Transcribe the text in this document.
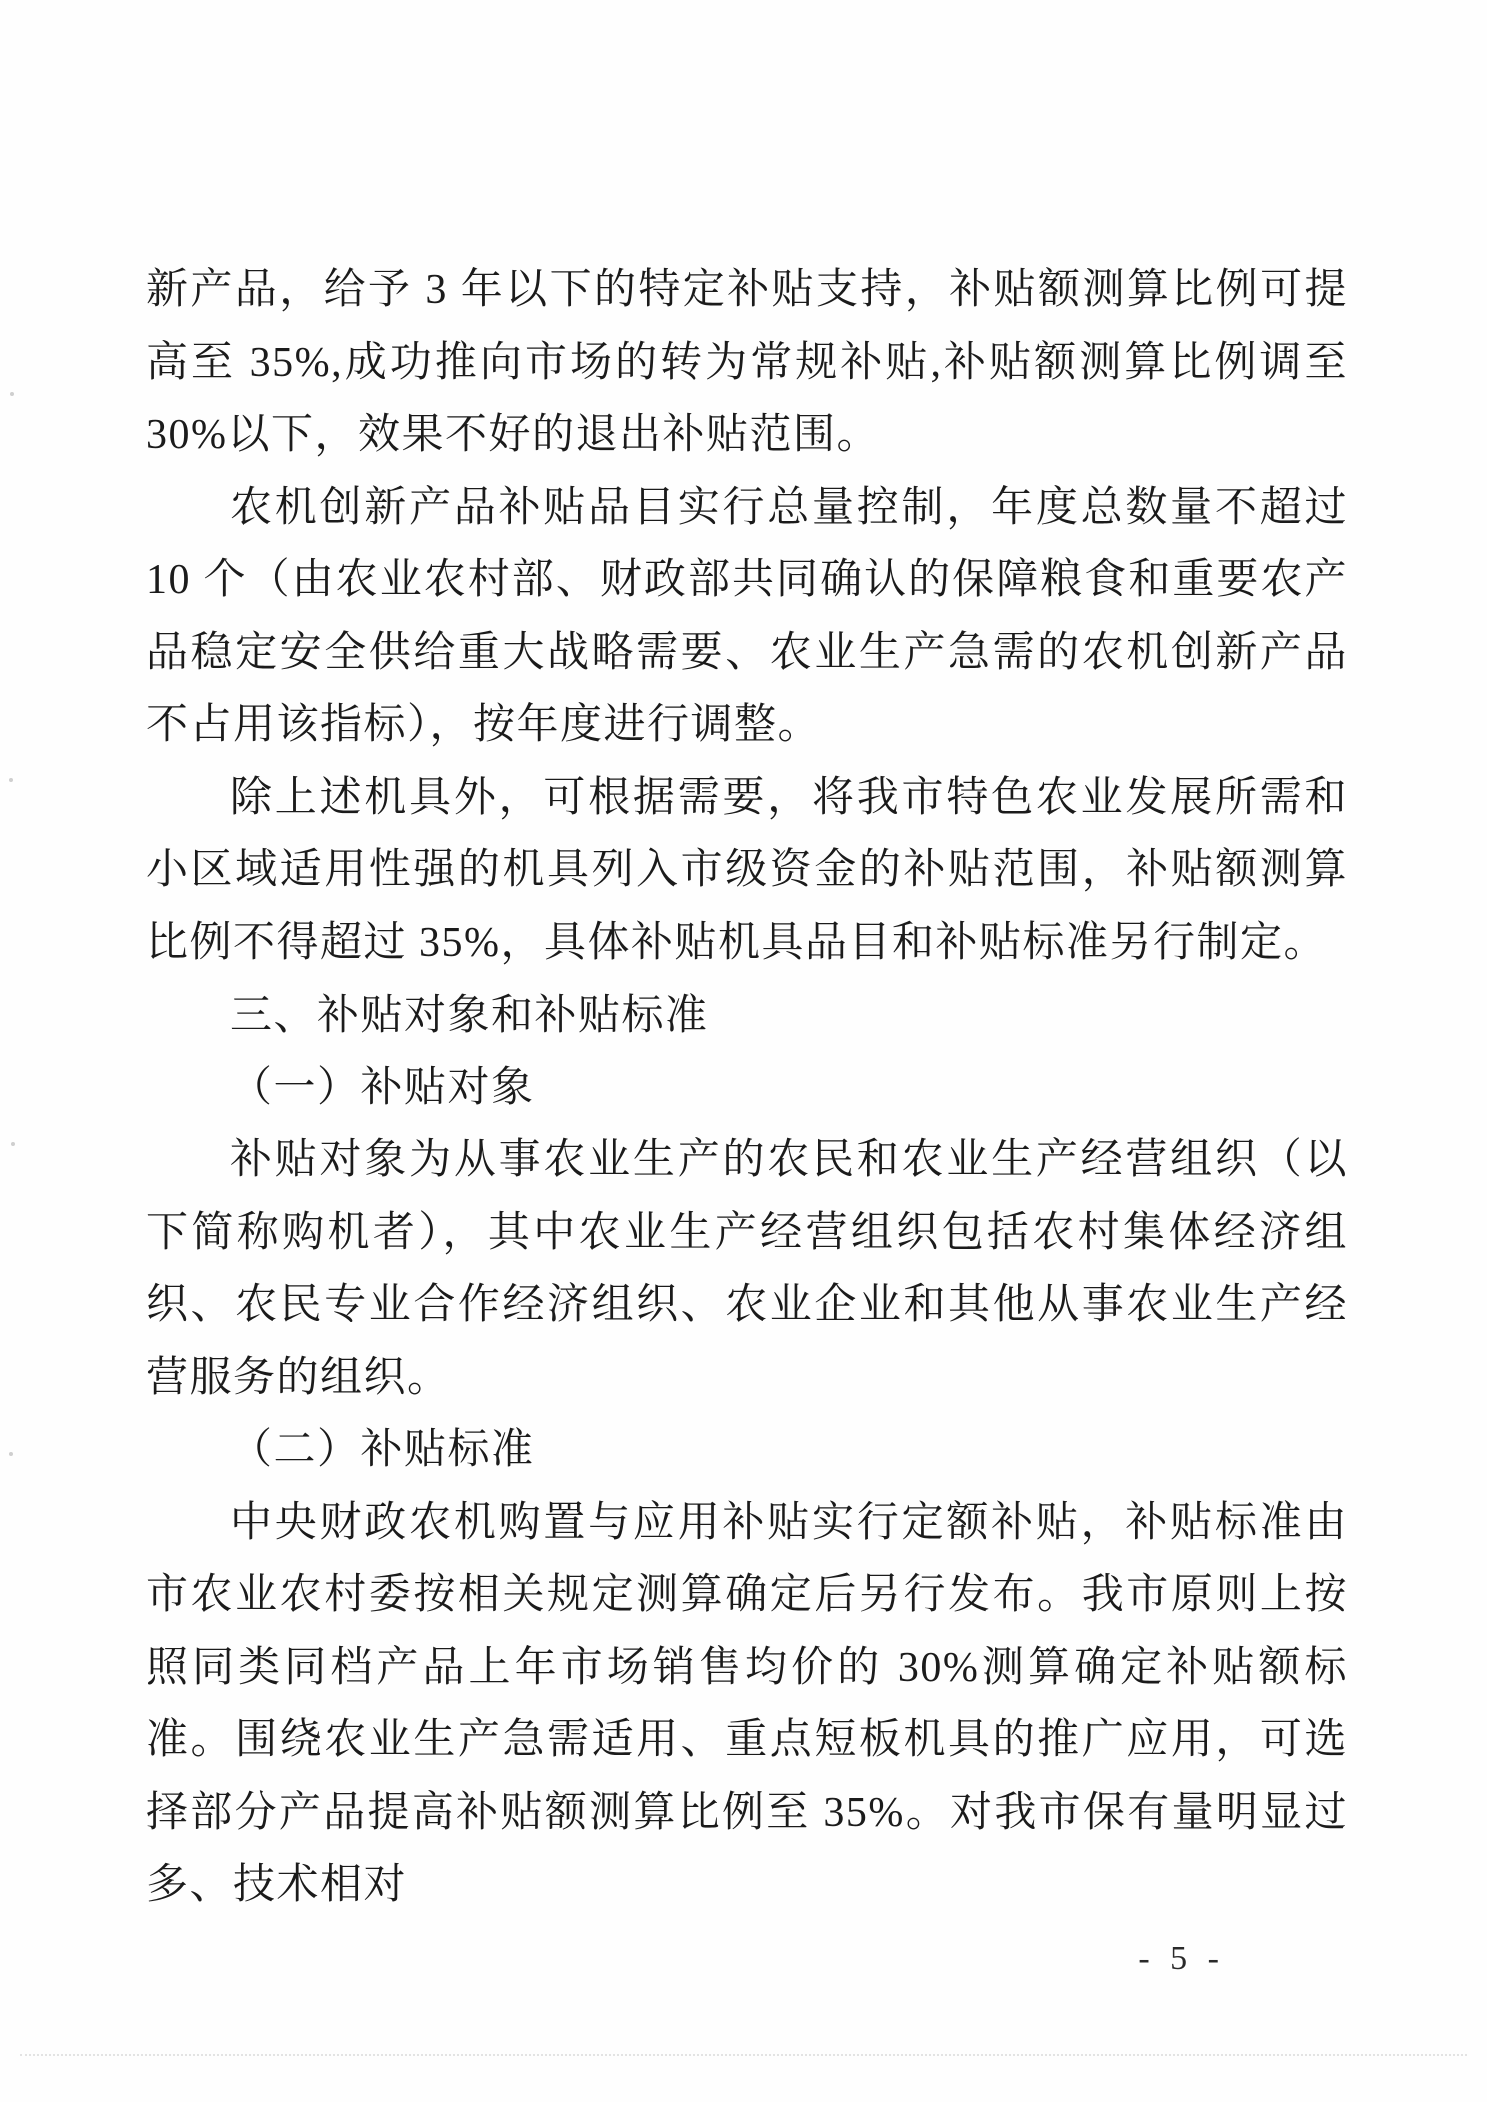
新产品，给予 3 年以下的特定补贴支持，补贴额测算比例可提高至 35%,成功推向市场的转为常规补贴,补贴额测算比例调至 30%以下，效果不好的退出补贴范围。

农机创新产品补贴品目实行总量控制，年度总数量不超过 10 个（由农业农村部、财政部共同确认的保障粮食和重要农产品稳定安全供给重大战略需要、农业生产急需的农机创新产品不占用该指标），按年度进行调整。

除上述机具外，可根据需要，将我市特色农业发展所需和小区域适用性强的机具列入市级资金的补贴范围，补贴额测算比例不得超过 35%，具体补贴机具品目和补贴标准另行制定。

三、补贴对象和补贴标准

（一）补贴对象

补贴对象为从事农业生产的农民和农业生产经营组织（以下简称购机者），其中农业生产经营组织包括农村集体经济组织、农民专业合作经济组织、农业企业和其他从事农业生产经营服务的组织。

（二）补贴标准

中央财政农机购置与应用补贴实行定额补贴，补贴标准由市农业农村委按相关规定测算确定后另行发布。我市原则上按照同类同档产品上年市场销售均价的 30%测算确定补贴额标准。围绕农业生产急需适用、重点短板机具的推广应用，可选择部分产品提高补贴额测算比例至 35%。对我市保有量明显过多、技术相对

- 5 -
